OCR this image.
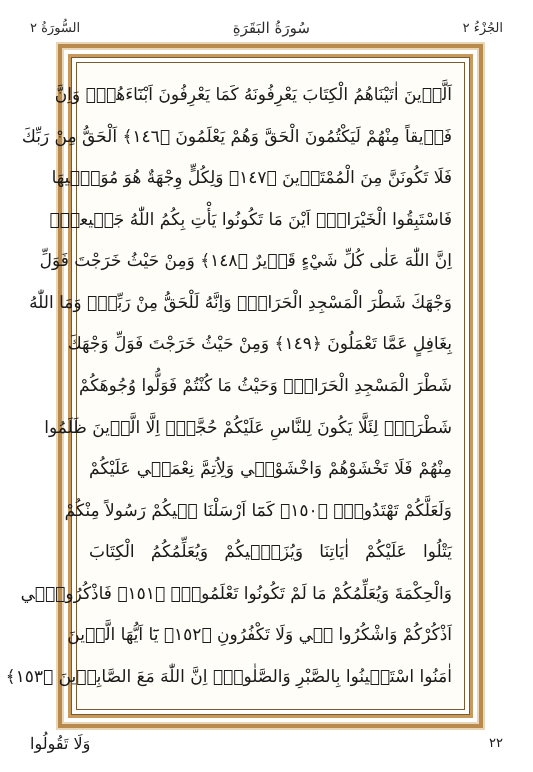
الجُزْءُ ٢
سُورَةُ البَقَرَةِ
السُّورَةُ ٢
اَلَّذ۪ينَ اٰتَيْنَاهُمُ الْكِتَابَ يَعْرِفُونَهُ كَمَا يَعْرِفُونَ اَبْنَٓاءَهُمْۜ وَاِنَّ
فَر۪يقاً مِنْهُمْ لَيَكْتُمُونَ الْحَقَّ وَهُمْ يَعْلَمُونَ ﴿١٤٦﴾ اَلْحَقُّ مِنْ رَبِّكَ
فَلَا تَكُونَنَّ مِنَ الْمُمْتَر۪ينَ ﴿١٤٧﴾ وَلِكُلٍّ وِجْهَةٌ هُوَ مُوَلّ۪يهَا
فَاسْتَبِقُوا الْخَيْرَاتِۜ اَيْنَ مَا تَكُونُوا يَأْتِ بِكُمُ اللّٰهُ جَم۪يعاًۜ
اِنَّ اللّٰهَ عَلٰى كُلِّ شَيْءٍ قَد۪يرٌ ﴿١٤٨﴾ وَمِنْ حَيْثُ خَرَجْتَ فَوَلِّ
وَجْهَكَ شَطْرَ الْمَسْجِدِ الْحَرَامِۜ وَاِنَّهُ لَلْحَقُّ مِنْ رَبِّكَۜ وَمَا اللّٰهُ
بِغَافِلٍ عَمَّا تَعْمَلُونَ ﴿١٤٩﴾ وَمِنْ حَيْثُ خَرَجْتَ فَوَلِّ وَجْهَكَ
شَطْرَ الْمَسْجِدِ الْحَرَامِۜ وَحَيْثُ مَا كُنْتُمْ فَوَلُّوا وُجُوهَكُمْ
شَطْرَهُۙ لِئَلَّا يَكُونَ لِلنَّاسِ عَلَيْكُمْ حُجَّةٌۗ اِلَّا الَّذ۪ينَ ظَلَمُوا
مِنْهُمْ فَلَا تَخْشَوْهُمْ وَاخْشَوْن۪ي وَلِاُتِمَّ نِعْمَت۪ي عَلَيْكُمْ
وَلَعَلَّكُمْ تَهْتَدُونَۙ ﴿١٥٠﴾ كَمَٓا اَرْسَلْنَا ف۪يكُمْ رَسُولاً مِنْكُمْ
يَتْلُوا عَلَيْكُمْ اٰيَاتِنَا وَيُزَكّ۪يكُمْ وَيُعَلِّمُكُمُ الْكِتَابَ
وَالْحِكْمَةَ وَيُعَلِّمُكُمْ مَا لَمْ تَكُونُوا تَعْلَمُونَۜ ﴿١٥١﴾ فَاذْكُرُون۪ٓي
اَذْكُرْكُمْ وَاشْكُرُوا ل۪ي وَلَا تَكْفُرُونِ ﴿١٥٢﴾ يَٓا اَيُّهَا الَّذ۪ينَ
اٰمَنُوا اسْتَع۪ينُوا بِالصَّبْرِ وَالصَّلٰوةِۜ اِنَّ اللّٰهَ مَعَ الصَّابِر۪ينَ ﴿١٥٣﴾
٢٢
وَلَا تَقُولُوا
